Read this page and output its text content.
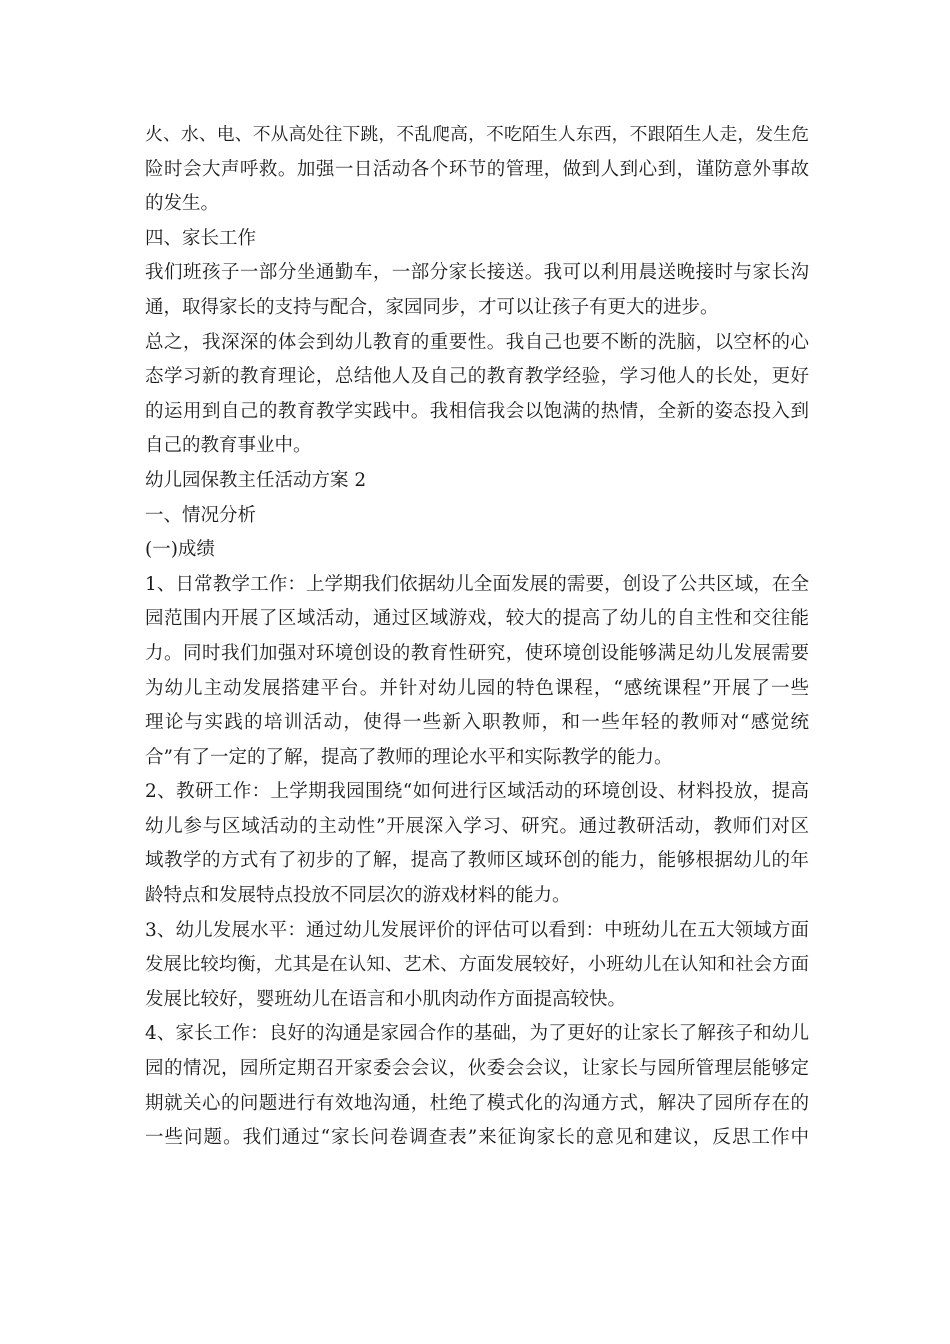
火、水、电、不从高处往下跳，不乱爬高，不吃陌生人东西，不跟陌生人走，发生危
险时会大声呼救。加强一日活动各个环节的管理，做到人到心到，谨防意外事故
的发生。
四、家长工作
我们班孩子一部分坐通勤车，一部分家长接送。我可以利用晨送晚接时与家长沟
通，取得家长的支持与配合，家园同步，才可以让孩子有更大的进步。
总之，我深深的体会到幼儿教育的重要性。我自己也要不断的洗脑，以空杯的心
态学习新的教育理论，总结他人及自己的教育教学经验，学习他人的长处，更好
的运用到自己的教育教学实践中。我相信我会以饱满的热情，全新的姿态投入到
自己的教育事业中。
幼儿园保教主任活动方案 2
一、情况分析
(一)成绩
1、日常教学工作：上学期我们依据幼儿全面发展的需要，创设了公共区域，在全
园范围内开展了区域活动，通过区域游戏，较大的提高了幼儿的自主性和交往能
力。同时我们加强对环境创设的教育性研究，使环境创设能够满足幼儿发展需要
为幼儿主动发展搭建平台。并针对幼儿园的特色课程，“感统课程”开展了一些
理论与实践的培训活动，使得一些新入职教师，和一些年轻的教师对“感觉统
合”有了一定的了解，提高了教师的理论水平和实际教学的能力。
2、教研工作：上学期我园围绕“如何进行区域活动的环境创设、材料投放，提高
幼儿参与区域活动的主动性”开展深入学习、研究。通过教研活动，教师们对区
域教学的方式有了初步的了解，提高了教师区域环创的能力，能够根据幼儿的年
龄特点和发展特点投放不同层次的游戏材料的能力。
3、幼儿发展水平：通过幼儿发展评价的评估可以看到：中班幼儿在五大领域方面
发展比较均衡，尤其是在认知、艺术、方面发展较好，小班幼儿在认知和社会方面
发展比较好，婴班幼儿在语言和小肌肉动作方面提高较快。
4、家长工作：良好的沟通是家园合作的基础，为了更好的让家长了解孩子和幼儿
园的情况，园所定期召开家委会会议，伙委会会议，让家长与园所管理层能够定
期就关心的问题进行有效地沟通，杜绝了模式化的沟通方式，解决了园所存在的
一些问题。我们通过“家长问卷调查表”来征询家长的意见和建议，反思工作中
